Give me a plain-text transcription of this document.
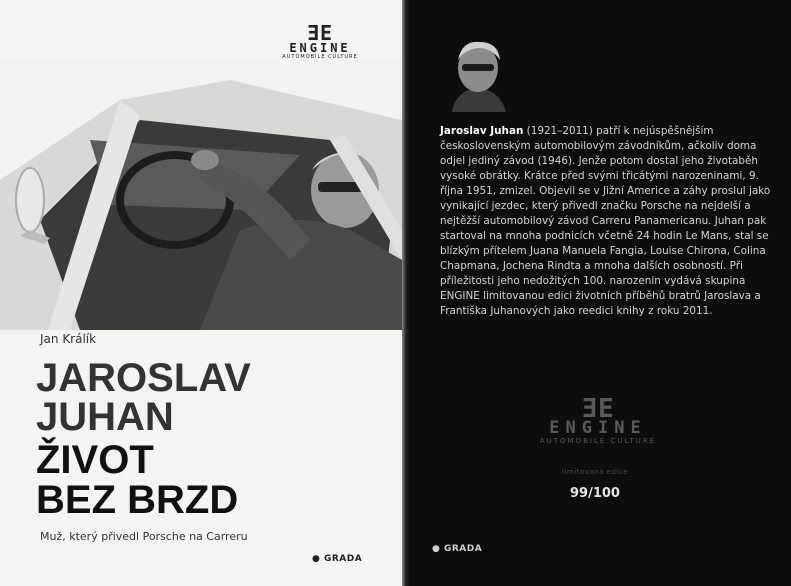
ƎE
ENGINE
AUTOMOBILE CULTURE
Jan Králík
JAROSLAV
JUHAN
ŽIVOT
BEZ BRZD
Muž, který přivedl Porsche na Carreru
● GRADA
Jaroslav Juhan (1921–2011) patří k nejúspěšnějším československým automobilovým závodníkům, ačkoliv doma odjel jediný závod (1946). Jenže potom dostal jeho životaběh vysoké obrátky. Krátce před svými třicátými narozeninami, 9. října 1951, zmizel. Objevil se v Jižní Americe a záhy proslul jako vynikající jezdec, který přivedl značku Porsche na nejdelší a nejtěžší automobilový závod Carreru Panamericanu. Juhan pak startoval na mnoha podnicích včetně 24 hodin Le Mans, stal se blízkým přítelem Juana Manuela Fangia, Louise Chirona, Colina Chapmana, Jochena Rindta a mnoha dalších osobností. Při příležitosti jeho nedožitých 100. narozenin vydává skupina ENGINE limitovanou edici životních příběhů bratrů Jaroslava a Františka Juhanových jako reedici knihy z roku 2011.
ƎE
ENGINE
AUTOMOBILE CULTURE
limitovaná edice
99/100
● GRADA
